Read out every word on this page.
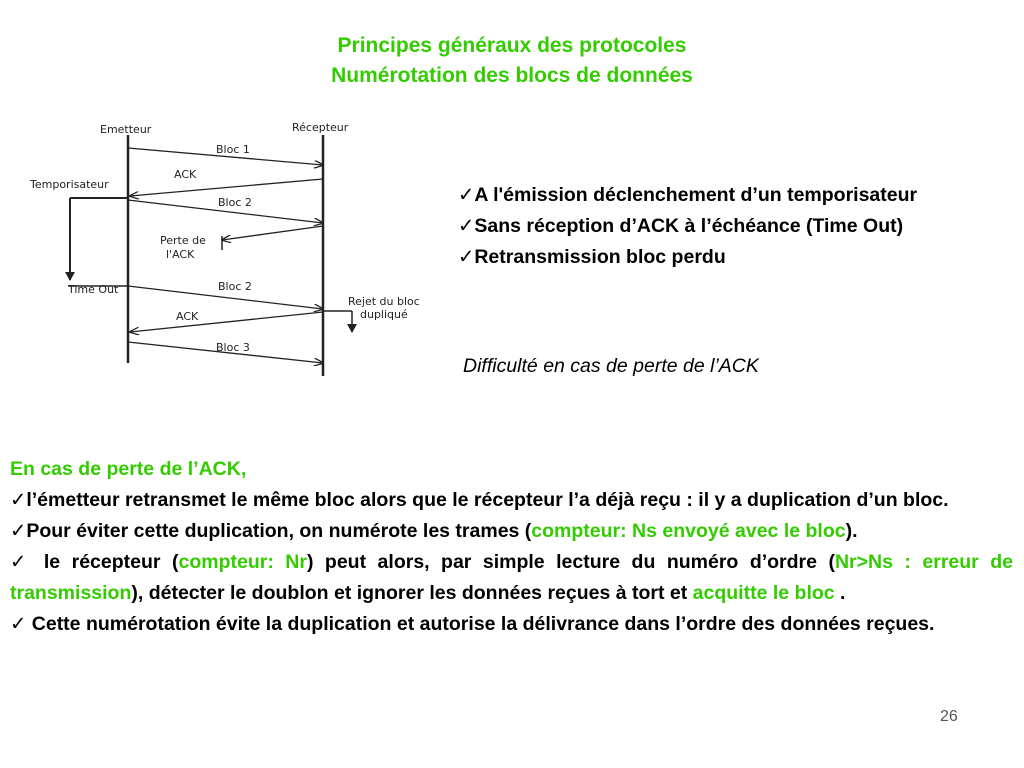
Principes généraux des protocoles
Numérotation des blocs de données
Emetteur	Récepteur
Temporisateur
Time Out
Bloc 1
ACK
Bloc 2
Perte de
l'ACK
Bloc 2
Rejet du bloc
dupliqué
ACK
Bloc 3

✓A l'émission déclenchement d’un temporisateur

✓Sans réception d’ACK à l’échéance (Time Out)

✓Retransmission bloc perdu

Difficulté en cas de perte de l’ACK

En cas de perte de l’ACK,

✓l’émetteur retransmet le même bloc alors que le récepteur l’a déjà reçu : il y a duplication d’un bloc.

✓Pour éviter cette duplication, on numérote les trames (compteur: Ns envoyé avec le bloc).

✓ le récepteur (compteur: Nr) peut alors, par simple lecture du numéro d’ordre (Nr>Ns : erreur de transmission), détecter le doublon et ignorer les données reçues à tort et acquitte le bloc .

✓ Cette numérotation évite la duplication et autorise la délivrance dans l’ordre des données reçues.

26
